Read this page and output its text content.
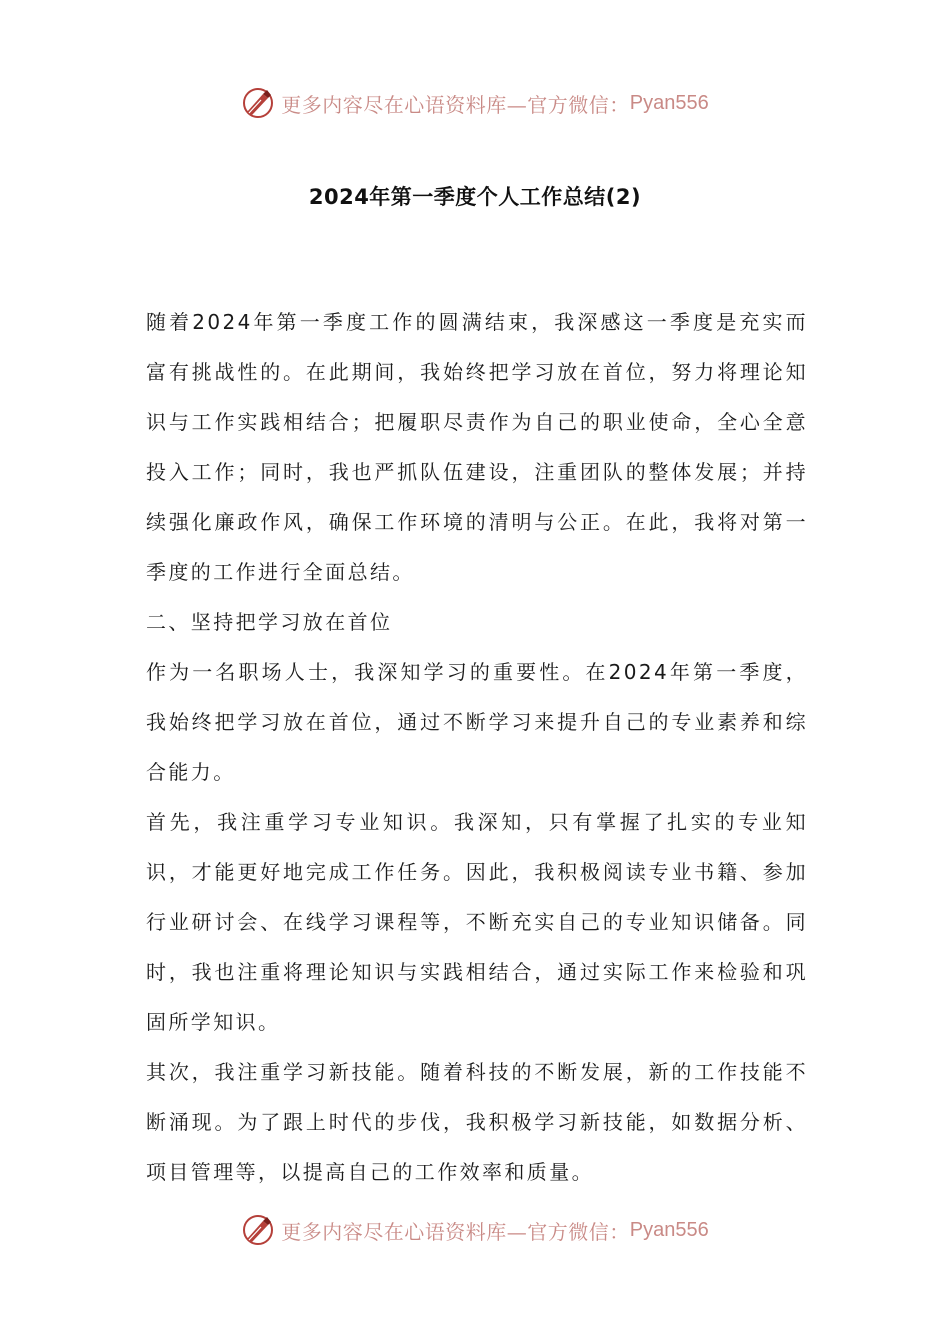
更多内容尽在心语资料库—官方微信： Pyan556
2024年第一季度个人工作总结(2)

随着2024年第一季度工作的圆满结束，我深感这一季度是充实而富有挑战性的。在此期间，我始终把学习放在首位，努力将理论知识与工作实践相结合；把履职尽责作为自己的职业使命，全心全意投入工作；同时，我也严抓队伍建设，注重团队的整体发展；并持续强化廉政作风，确保工作环境的清明与公正。在此，我将对第一季度的工作进行全面总结。

二、坚持把学习放在首位

作为一名职场人士，我深知学习的重要性。在2024年第一季度，我始终把学习放在首位，通过不断学习来提升自己的专业素养和综合能力。

首先，我注重学习专业知识。我深知，只有掌握了扎实的专业知识，才能更好地完成工作任务。因此，我积极阅读专业书籍、参加行业研讨会、在线学习课程等，不断充实自己的专业知识储备。同时，我也注重将理论知识与实践相结合，通过实际工作来检验和巩固所学知识。

其次，我注重学习新技能。随着科技的不断发展，新的工作技能不断涌现。为了跟上时代的步伐，我积极学习新技能，如数据分析、项目管理等，以提高自己的工作效率和质量。

更多内容尽在心语资料库—官方微信： Pyan556
